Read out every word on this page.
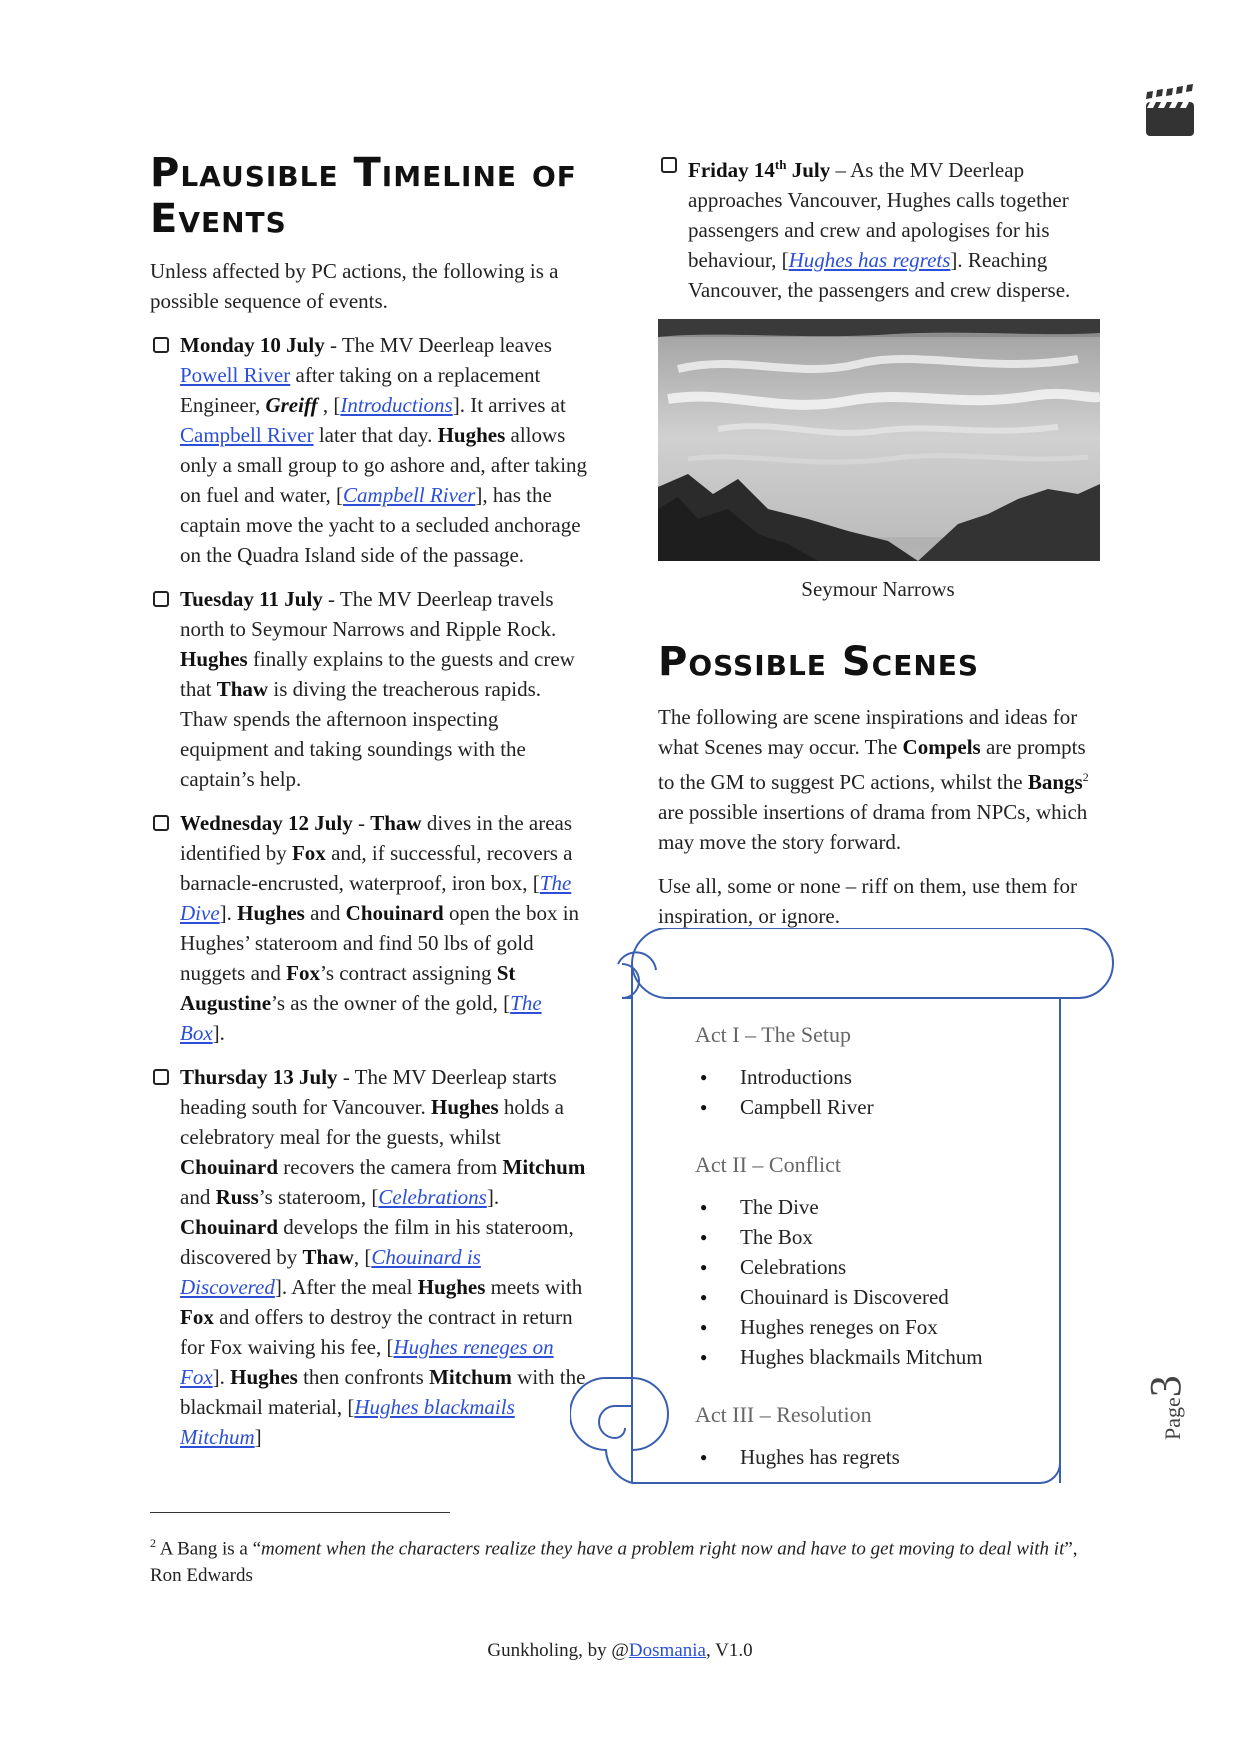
Plausible Timeline of Events

Unless affected by PC actions, the following is a possible sequence of events.

Monday 10 July - The MV Deerleap leaves Powell River after taking on a replacement Engineer, Greiff , [Introductions]. It arrives at Campbell River later that day. Hughes allows only a small group to go ashore and, after taking on fuel and water, [Campbell River], has the captain move the yacht to a secluded anchorage on the Quadra Island side of the passage.
Tuesday 11 July - The MV Deerleap travels north to Seymour Narrows and Ripple Rock. Hughes finally explains to the guests and crew that Thaw is diving the treacherous rapids. Thaw spends the afternoon inspecting equipment and taking soundings with the captain’s help.
Wednesday 12 July - Thaw dives in the areas identified by Fox and, if successful, recovers a barnacle-encrusted, waterproof, iron box, [The Dive]. Hughes and Chouinard open the box in Hughes’ stateroom and find 50 lbs of gold nuggets and Fox’s contract assigning St Augustine’s as the owner of the gold, [The Box].
Thursday 13 July - The MV Deerleap starts heading south for Vancouver. Hughes holds a celebratory meal for the guests, whilst Chouinard recovers the camera from Mitchum and Russ’s stateroom, [Celebrations]. Chouinard develops the film in his stateroom, discovered by Thaw, [Chouinard is Discovered]. After the meal Hughes meets with Fox and offers to destroy the contract in return for Fox waiving his fee, [Hughes reneges on Fox]. Hughes then confronts Mitchum with the blackmail material, [Hughes blackmails Mitchum]
Friday 14th July – As the MV Deerleap approaches Vancouver, Hughes calls together passengers and crew and apologises for his behaviour, [Hughes has regrets]. Reaching Vancouver, the passengers and crew disperse.

Seymour Narrows

Possible Scenes

The following are scene inspirations and ideas for what Scenes may occur. The Compels are prompts to the GM to suggest PC actions, whilst the Bangs$^2$ are possible insertions of drama from NPCs, which may move the story forward.

Use all, some or none – riff on them, use them for inspiration, or ignore.

Act I – The Setup

● Introductions
● Campbell River

Act II – Conflict

● The Dive
● The Box
● Celebrations
● Chouinard is Discovered
● Hughes reneges on Fox
● Hughes blackmails Mitchum

Act III – Resolution

● Hughes has regrets

$^2$ A Bang is a “moment when the characters realize they have a problem right now and have to get moving to deal with it”, Ron Edwards

Gunkholing, by @Dosmania, V1.0

Page3
